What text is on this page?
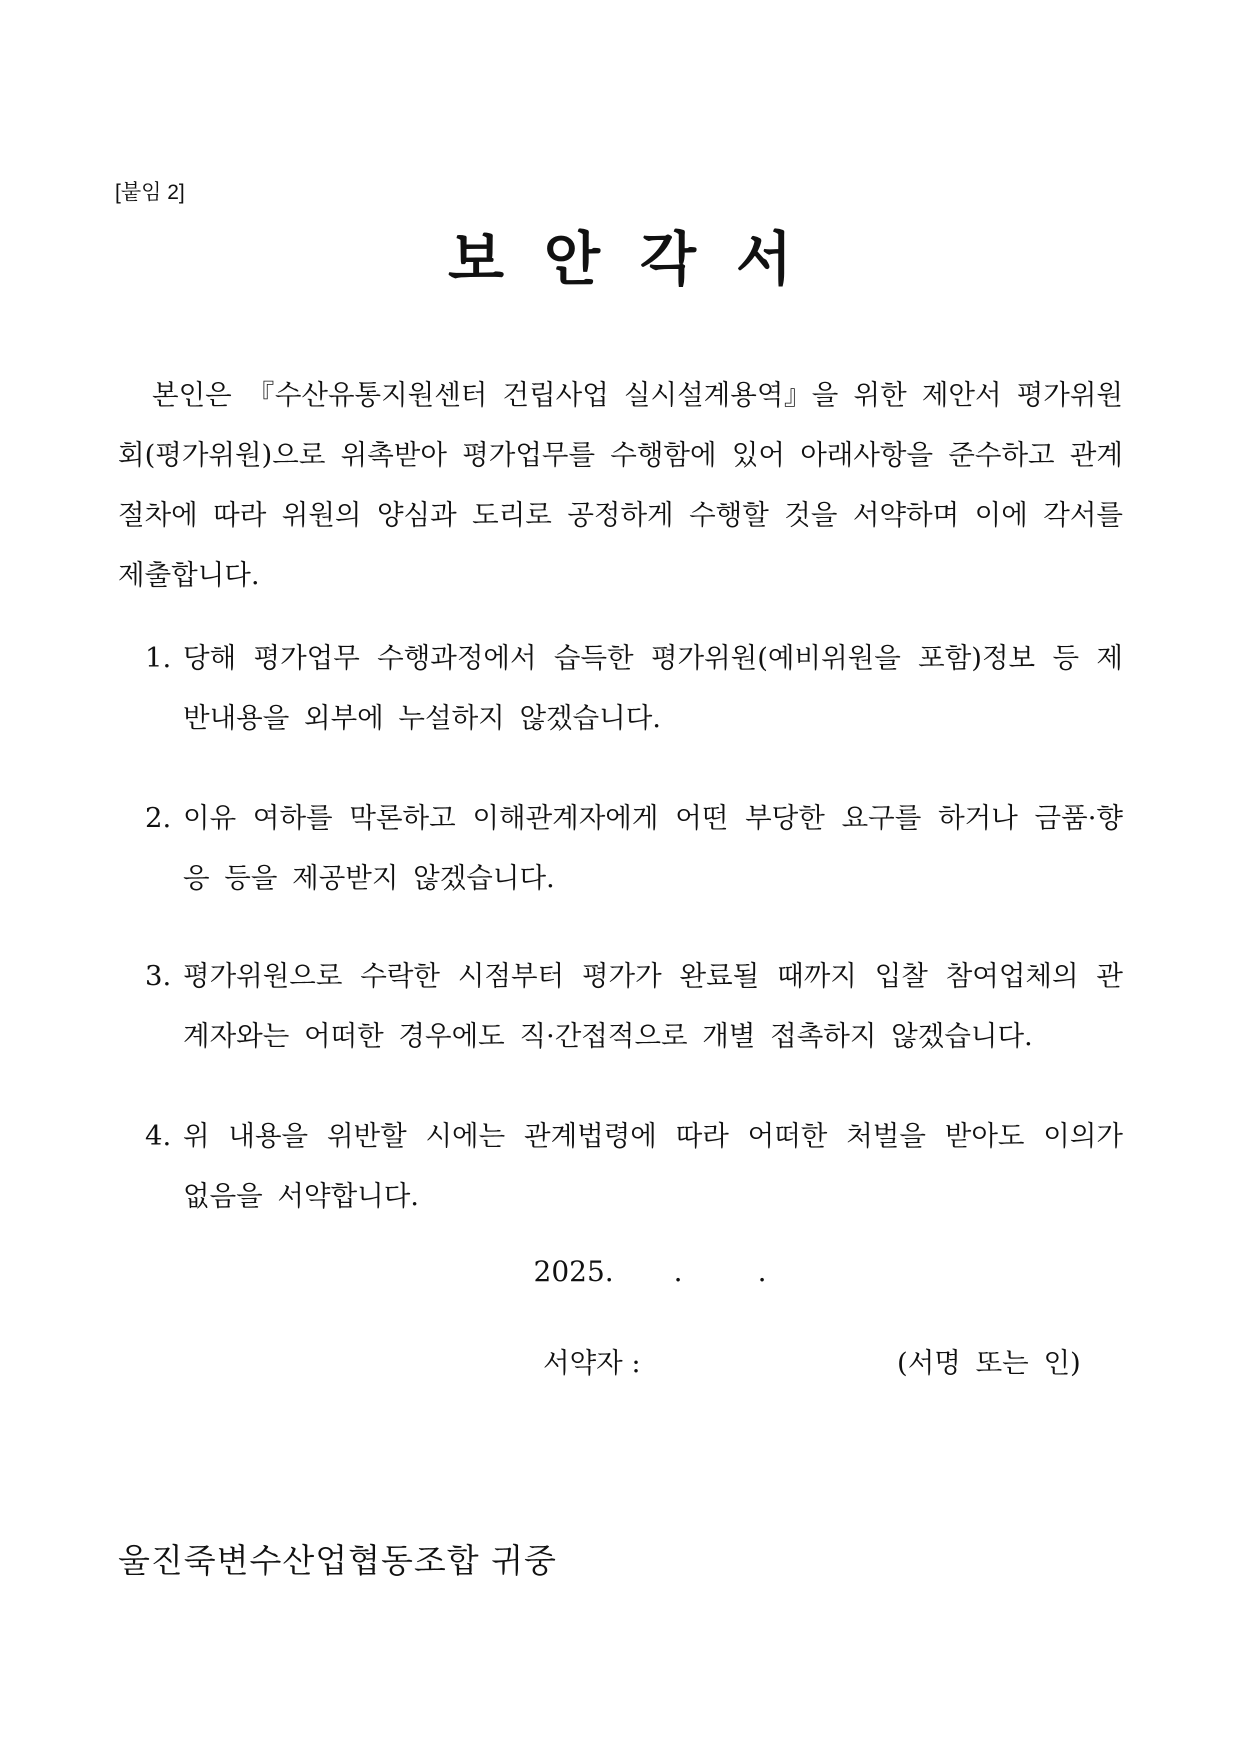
[붙임 2]
보안각서
본인은 『수산유통지원센터 건립사업 실시설계용역』을 위한 제안서 평가위원회(평가위원)으로 위촉받아 평가업무를 수행함에 있어 아래사항을 준수하고 관계 절차에 따라 위원의 양심과 도리로 공정하게 수행할 것을 서약하며 이에 각서를 제출합니다.
1. 당해 평가업무 수행과정에서 습득한 평가위원(예비위원을 포함)정보 등 제반내용을 외부에 누설하지 않겠습니다.
2. 이유 여하를 막론하고 이해관계자에게 어떤 부당한 요구를 하거나 금품·향응 등을 제공받지 않겠습니다.
3. 평가위원으로 수락한 시점부터 평가가 완료될 때까지 입찰 참여업체의 관계자와는 어떠한 경우에도 직·간접적으로 개별 접촉하지 않겠습니다.
4. 위 내용을 위반할 시에는 관계법령에 따라 어떠한 처벌을 받아도 이의가 없음을 서약합니다.
2025. .	.
서약자 :	(서명 또는 인)
울진죽변수산업협동조합 귀중
